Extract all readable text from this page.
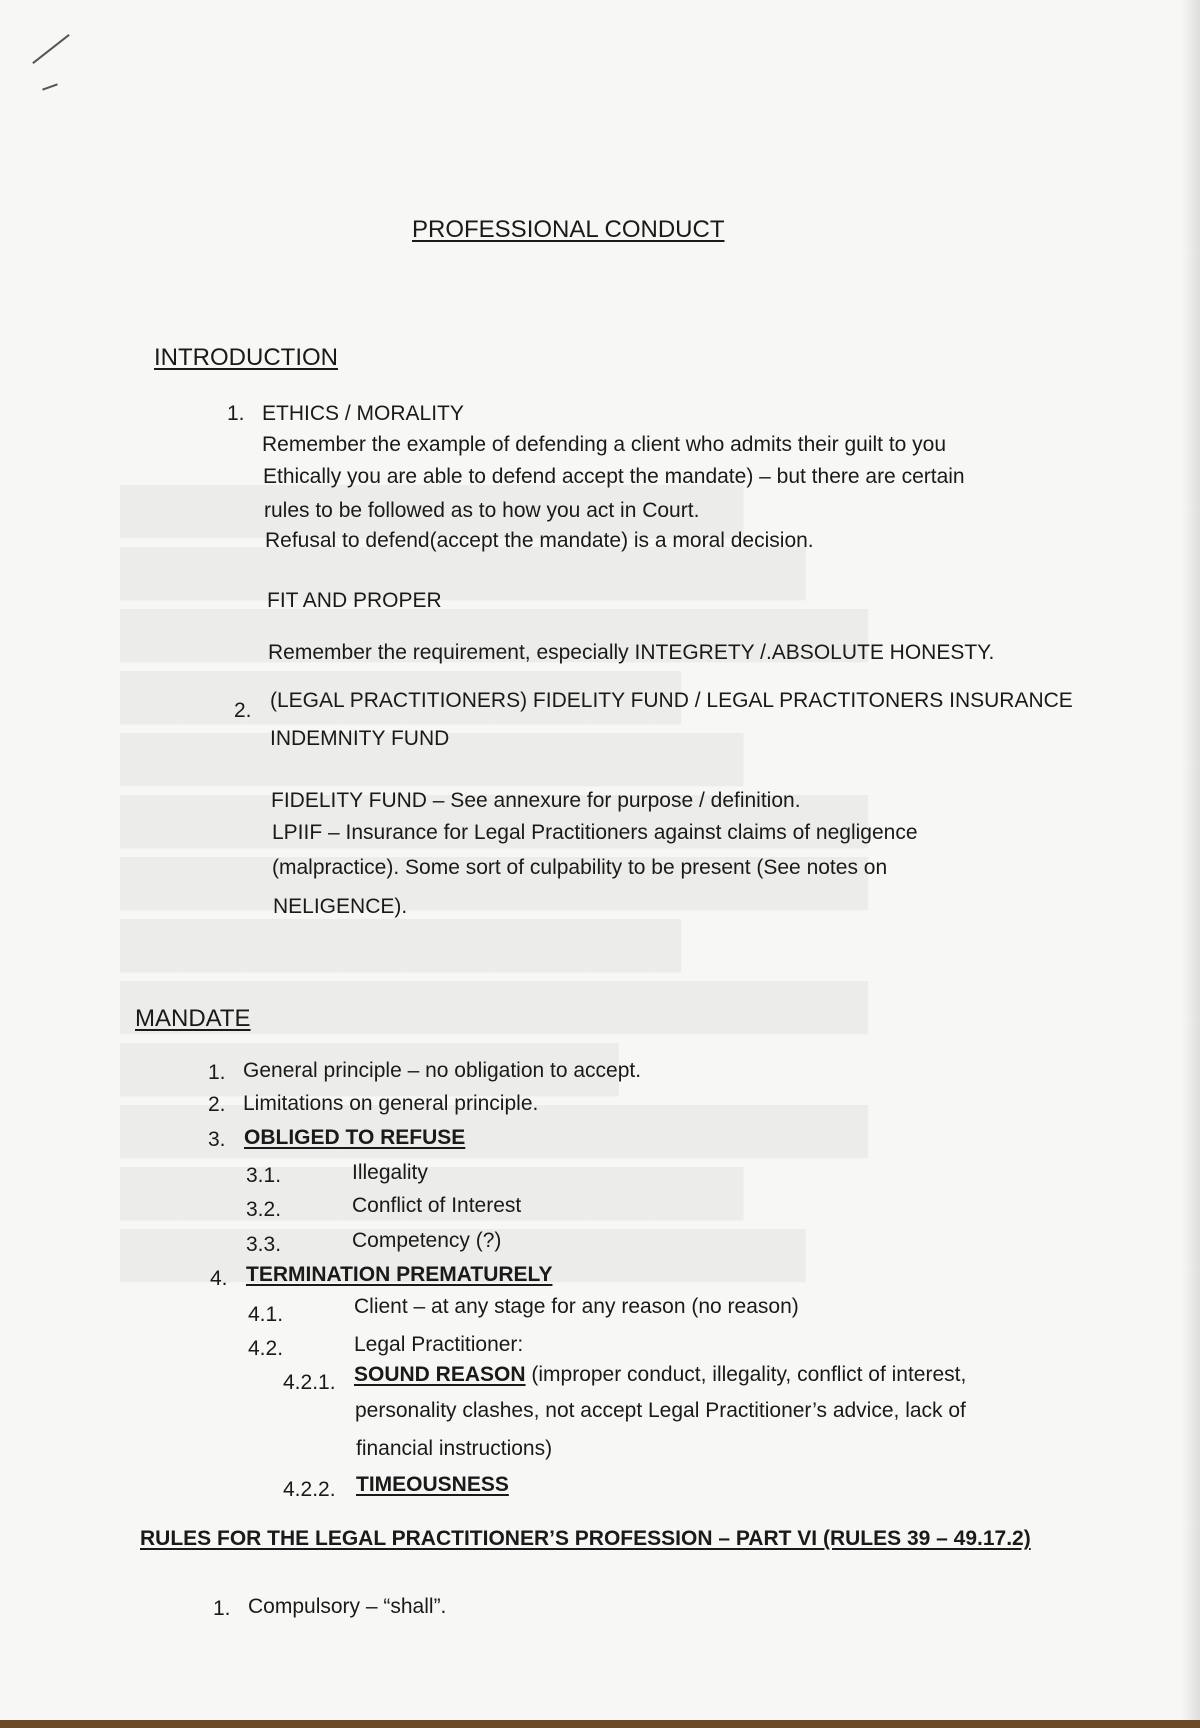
PROFESSIONAL CONDUCT
INTRODUCTION
1. ETHICS / MORALITY
Remember the example of defending a client who admits their guilt to you
Ethically you are able to defend accept the mandate) – but there are certain
rules to be followed as to how you act in Court.
Refusal to defend(accept the mandate) is a moral decision.
FIT AND PROPER
Remember the requirement, especially INTEGRETY /.ABSOLUTE HONESTY.
2. (LEGAL PRACTITIONERS) FIDELITY FUND / LEGAL PRACTITONERS INSURANCE
INDEMNITY FUND
FIDELITY FUND – See annexure for purpose / definition.
LPIIF – Insurance for Legal Practitioners against claims of negligence
(malpractice). Some sort of culpability to be present (See notes on
NELIGENCE).
MANDATE
1. General principle – no obligation to accept.
2. Limitations on general principle.
3. OBLIGED TO REFUSE
3.1.	Illegality
3.2.	Conflict of Interest
3.3.	Competency (?)
4. TERMINATION PREMATURELY
4.1.	Client – at any stage for any reason (no reason)
4.2.	Legal Practitioner:
4.2.1. SOUND REASON (improper conduct, illegality, conflict of interest,
personality clashes, not accept Legal Practitioner’s advice, lack of
financial instructions)
4.2.2. TIMEOUSNESS
RULES FOR THE LEGAL PRACTITIONER’S PROFESSION – PART VI (RULES 39 – 49.17.2)
1. Compulsory – “shall”.
